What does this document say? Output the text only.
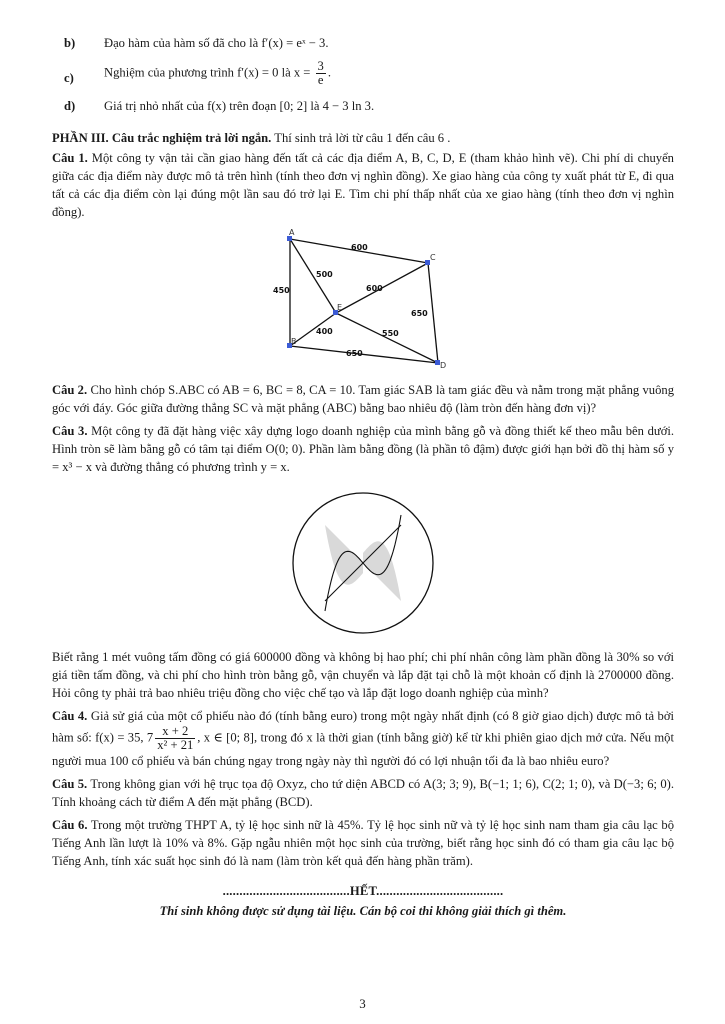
b) Đạo hàm của hàm số đã cho là f′(x) = eˣ − 3.
c) Nghiệm của phương trình f′(x) = 0 là $x = \frac{3}{e}$ .
d) Giá trị nhỏ nhất của f(x) trên đoạn [0; 2] là 4 − 3 ln 3.
PHẦN III. Câu trắc nghiệm trả lời ngắn. Thí sinh trả lời từ câu 1 đến câu 6 .
Câu 1. Một công ty vận tải cần giao hàng đến tất cả các địa điểm A, B, C, D, E (tham khảo hình vẽ). Chi phí di chuyển giữa các địa điểm này được mô tả trên hình (tính theo đơn vị nghìn đồng). Xe giao hàng của công ty xuất phát từ E, đi qua tất cả các địa điểm còn lại đúng một lần sau đó trở lại E. Tìm chi phí thấp nhất của xe giao hàng (tính theo đơn vị nghìn đồng).
A
C
E
B
D
600
500
450	600
650
400	550
650
Câu 2. Cho hình chóp S.ABC có AB = 6, BC = 8, CA = 10. Tam giác SAB là tam giác đều và nằm trong mặt phẳng vuông góc với đáy. Góc giữa đường thẳng SC và mặt phẳng (ABC) bằng bao nhiêu độ (làm tròn đến hàng đơn vị)?
Câu 3. Một công ty đã đặt hàng việc xây dựng logo doanh nghiệp của mình bằng gỗ và đồng thiết kế theo mẫu bên dưới. Hình tròn sẽ làm bằng gỗ có tâm tại điểm O(0; 0). Phần làm bằng đồng (là phần tô đậm) được giới hạn bởi đồ thị hàm số y = x³ − x và đường thẳng có phương trình y = x.
Biết rằng 1 mét vuông tấm đồng có giá 600000 đồng và không bị hao phí; chi phí nhân công làm phần đồng là 30% so với giá tiền tấm đồng, và chi phí cho hình tròn bằng gỗ, vận chuyển và lắp đặt tại chỗ là một khoản cố định là 2700000 đồng. Hỏi công ty phải trả bao nhiêu triệu đồng cho việc chế tạo và lắp đặt logo doanh nghiệp của mình?
Câu 4. Giả sử giá của một cổ phiếu nào đó (tính bằng euro) trong một ngày nhất định (có 8 giờ giao dịch) được mô tả bởi hàm số: f(x) = 35, $7 \frac{x + 2}{\text{x² + 21}}$ , x ∈ [0; 8], trong đó x là thời gian (tính bằng giờ) kể từ khi phiên giao dịch mở cửa. Nếu một người mua 100 cổ phiếu và bán chúng ngay trong ngày này thì người đó có lợi nhuận tối đa là bao nhiêu euro?
Câu 5. Trong không gian với hệ trục tọa độ Oxyz, cho tứ diện ABCD có A(3; 3; 9), B(−1; 1; 6), C(2; 1; 0), và D(−3; 6; 0). Tính khoảng cách từ điểm A đến mặt phẳng (BCD).
Câu 6. Trong một trường THPT A, tỷ lệ học sinh nữ là 45%. Tỷ lệ học sinh nữ và tỷ lệ học sinh nam tham gia câu lạc bộ Tiếng Anh lần lượt là 10% và 8%. Gặp ngẫu nhiên một học sinh của trường, biết rằng học sinh đó có tham gia câu lạc bộ Tiếng Anh, tính xác suất học sinh đó là nam (làm tròn kết quả đến hàng phần trăm).
......................................HẾT......................................
Thí sinh không được sử dụng tài liệu. Cán bộ coi thi không giải thích gì thêm.
3
